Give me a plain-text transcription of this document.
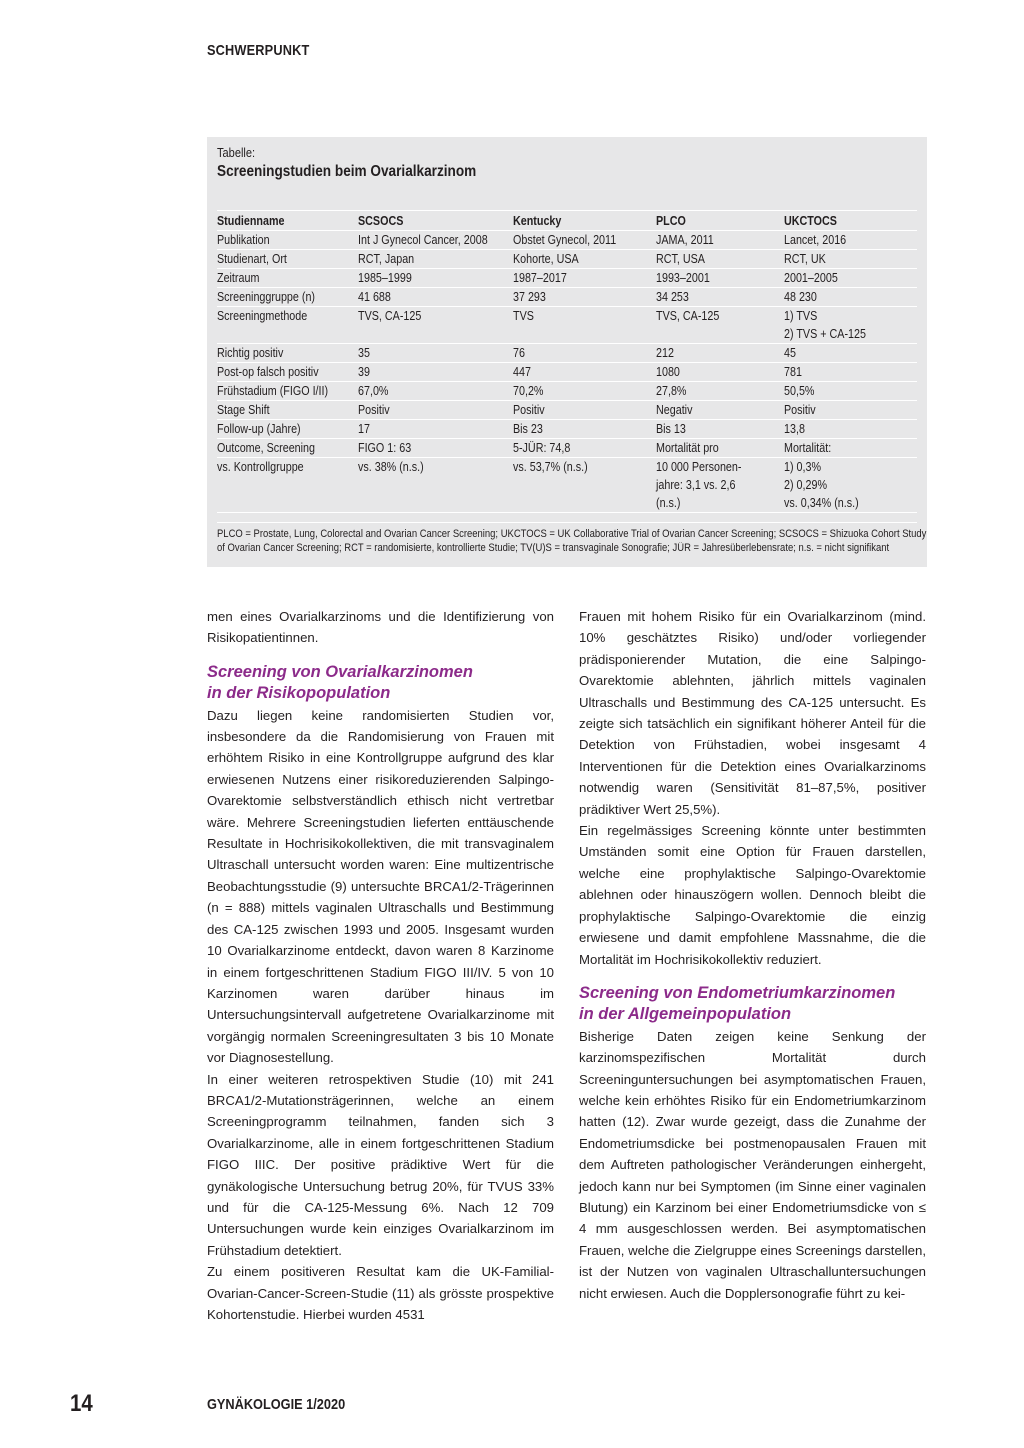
SCHWERPUNKT
Tabelle:
Screeningstudien beim Ovarialkarzinom
Studienname	SCSOCS	Kentucky	PLCO	UKCTOCS
Publikation	Int J Gynecol Cancer, 2008	Obstet Gynecol, 2011	JAMA, 2011	Lancet, 2016
Studienart, Ort	RCT, Japan	Kohorte, USA	RCT, USA	RCT, UK
Zeitraum	1985–1999	1987–2017	1993–2001	2001–2005
Screeninggruppe (n)	41 688	37 293	34 253	48 230
Screeningmethode	TVS, CA-125	TVS	TVS, CA-125	1) TVS
				2) TVS + CA-125
Richtig positiv	35	76	212	45
Post-op falsch positiv	39	447	1080	781
Frühstadium (FIGO I/II)	67,0%	70,2%	27,8%	50,5%
Stage Shift	Positiv	Positiv	Negativ	Positiv
Follow-up (Jahre)	17	Bis 23	Bis 13	13,8
Outcome, Screening	FIGO 1: 63	5-JÜR: 74,8	Mortalität pro	Mortalität:
vs. Kontrollgruppe	vs. 38% (n.s.)	vs. 53,7% (n.s.)	10 000 Personen-	1) 0,3%
			jahre: 3,1 vs. 2,6	2) 0,29%
			(n.s.)	vs. 0,34% (n.s.)

PLCO = Prostate, Lung, Colorectal and Ovarian Cancer Screening; UKCTOCS = UK Collaborative Trial of Ovarian Cancer Screening; SCSOCS = Shizuoka Cohort Study

of Ovarian Cancer Screening; RCT = randomisierte, kontrollierte Studie; TV(U)S = transvaginale Sonografie; JÜR = Jahresüberlebensrate; n.s. = nicht signifikant

men eines Ovarialkarzinoms und die Identifizierung von Risikopatientinnen.

Screening von Ovarialkarzinomen
in der Risikopopulation

Dazu liegen keine randomisierten Studien vor, insbesondere da die Randomisierung von Frauen mit erhöhtem Risiko in eine Kontrollgruppe aufgrund des klar erwiesenen Nutzens einer risikoreduzierenden Salpingo-Ovarektomie selbstverständlich ethisch nicht vertretbar wäre. Mehrere Screeningstudien lieferten enttäuschende Resultate in Hochrisikokollektiven, die mit transvaginalem Ultraschall untersucht worden waren: Eine multizentrische Beobachtungsstudie (9) untersuchte BRCA1/2-Trägerinnen (n = 888) mittels vaginalen Ultraschalls und Bestimmung des CA-125 zwischen 1993 und 2005. Insgesamt wurden 10 Ovarialkarzinome entdeckt, davon waren 8 Karzinome in einem fortgeschrittenen Stadium FIGO III/IV. 5 von 10 Karzinomen waren darüber hinaus im Untersuchungsintervall aufgetretene Ovarialkarzinome mit vorgängig normalen Screeningresultaten 3 bis 10 Monate vor Diagnosestellung.

In einer weiteren retrospektiven Studie (10) mit 241 BRCA1/2-Mutationsträgerinnen, welche an einem Screeningprogramm teilnahmen, fanden sich 3 Ovarialkarzinome, alle in einem fortgeschrittenen Stadium FIGO IIIC. Der positive prädiktive Wert für die gynäkologische Untersuchung betrug 20%, für TVUS 33% und für die CA-125-Messung 6%. Nach 12 709 Untersuchungen wurde kein einziges Ovarialkarzinom im Frühstadium detektiert.

Zu einem positiveren Resultat kam die UK-Familial-Ovarian-Cancer-Screen-Studie (11) als grösste prospektive Kohortenstudie. Hierbei wurden 4531

Frauen mit hohem Risiko für ein Ovarialkarzinom (mind. 10% geschätztes Risiko) und/oder vorliegender prädisponierender Mutation, die eine Salpingo-Ovarektomie ablehnten, jährlich mittels vaginalen Ultraschalls und Bestimmung des CA-125 untersucht. Es zeigte sich tatsächlich ein signifikant höherer Anteil für die Detektion von Frühstadien, wobei insgesamt 4 Interventionen für die Detektion eines Ovarialkarzinoms notwendig waren (Sensitivität 81–87,5%, positiver prädiktiver Wert 25,5%).

Ein regelmässiges Screening könnte unter bestimmten Umständen somit eine Option für Frauen darstellen, welche eine prophylaktische Salpingo-Ovarektomie ablehnen oder hinauszögern wollen. Dennoch bleibt die prophylaktische Salpingo-Ovarektomie die einzig erwiesene und damit empfohlene Massnahme, die die Mortalität im Hochrisikokollektiv reduziert.

Screening von Endometriumkarzinomen
in der Allgemeinpopulation

Bisherige Daten zeigen keine Senkung der karzinomspezifischen Mortalität durch Screeninguntersuchungen bei asymptomatischen Frauen, welche kein erhöhtes Risiko für ein Endometriumkarzinom hatten (12). Zwar wurde gezeigt, dass die Zunahme der Endometriumsdicke bei postmenopausalen Frauen mit dem Auftreten pathologischer Veränderungen einhergeht, jedoch kann nur bei Symptomen (im Sinne einer vaginalen Blutung) ein Karzinom bei einer Endometriumsdicke von ≤ 4 mm ausgeschlossen werden. Bei asymptomatischen Frauen, welche die Zielgruppe eines Screenings darstellen, ist der Nutzen von vaginalen Ultraschalluntersuchungen nicht erwiesen. Auch die Dopplersonografie führt zu kei-

14	GYNÄKOLOGIE 1/2020
